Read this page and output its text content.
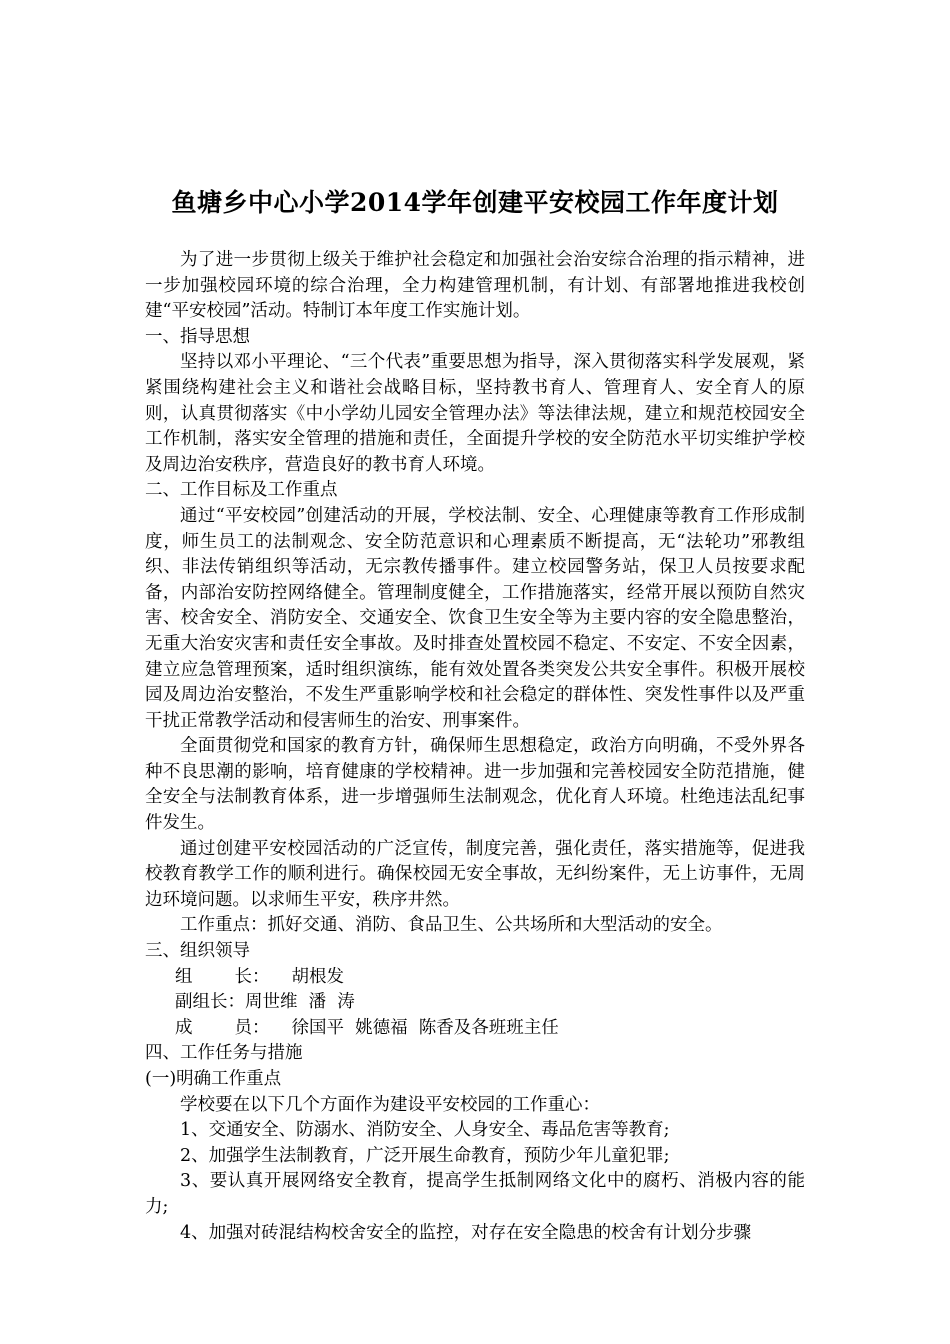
鱼塘乡中心小学2014学年创建平安校园工作年度计划

为了进一步贯彻上级关于维护社会稳定和加强社会治安综合治理的指示精神，进一步加强校园环境的综合治理，全力构建管理机制，有计划、有部署地推进我校创建“平安校园”活动。特制订本年度工作实施计划。

一、指导思想

坚持以邓小平理论、“三个代表”重要思想为指导，深入贯彻落实科学发展观，紧紧围绕构建社会主义和谐社会战略目标，坚持教书育人、管理育人、安全育人的原则，认真贯彻落实《中小学幼儿园安全管理办法》等法律法规，建立和规范校园安全工作机制，落实安全管理的措施和责任，全面提升学校的安全防范水平切实维护学校及周边治安秩序，营造良好的教书育人环境。

二、工作目标及工作重点

通过“平安校园”创建活动的开展，学校法制、安全、心理健康等教育工作形成制度，师生员工的法制观念、安全防范意识和心理素质不断提高，无“法轮功”邪教组织、非法传销组织等活动，无宗教传播事件。建立校园警务站，保卫人员按要求配备，内部治安防控网络健全。管理制度健全，工作措施落实，经常开展以预防自然灾害、校舍安全、消防安全、交通安全、饮食卫生安全等为主要内容的安全隐患整治，无重大治安灾害和责任安全事故。及时排查处置校园不稳定、不安定、不安全因素，建立应急管理预案，适时组织演练，能有效处置各类突发公共安全事件。积极开展校园及周边治安整治，不发生严重影响学校和社会稳定的群体性、突发性事件以及严重干扰正常教学活动和侵害师生的治安、刑事案件。

全面贯彻党和国家的教育方针，确保师生思想稳定，政治方向明确，不受外界各种不良思潮的影响，培育健康的学校精神。进一步加强和完善校园安全防范措施，健全安全与法制教育体系，进一步增强师生法制观念，优化育人环境。杜绝违法乱纪事件发生。

通过创建平安校园活动的广泛宣传，制度完善，强化责任，落实措施等，促进我校教育教学工作的顺利进行。确保校园无安全事故，无纠纷案件，无上访事件，无周边环境问题。以求师生平安，秩序井然。

工作重点：抓好交通、消防、食品卫生、公共场所和大型活动的安全。

三、组织领导

组 长： 胡根发

副组长：周世维  潘  涛

成 员： 徐国平  姚德福  陈香及各班班主任

四、工作任务与措施

(一)明确工作重点

学校要在以下几个方面作为建设平安校园的工作重心：

1、交通安全、防溺水、消防安全、人身安全、毒品危害等教育;

2、加强学生法制教育，广泛开展生命教育，预防少年儿童犯罪;

3、要认真开展网络安全教育，提高学生抵制网络文化中的腐朽、消极内容的能力;

4、加强对砖混结构校舍安全的监控，对存在安全隐患的校舍有计划分步骤
